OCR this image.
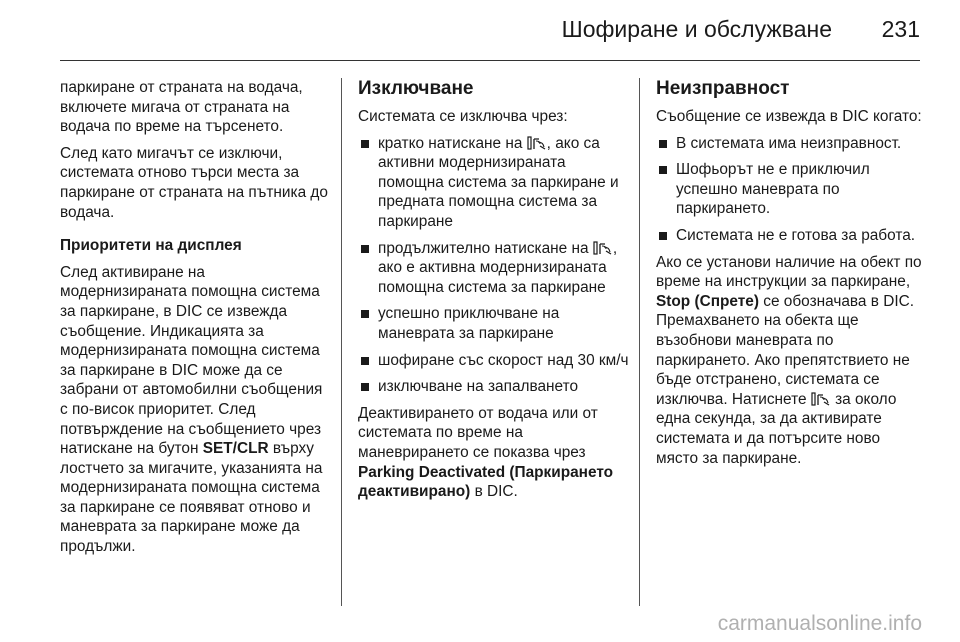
Шофиране и обслужване 231

паркиране от страната на водача, включете мигача от страната на водача по време на търсенето.

След като мигачът се изключи, системата отново търси места за паркиране от страната на пътника до водача.

Приоритети на дисплея

След активиране на модернизираната помощна система за паркиране, в DIC се извежда съобщение. Индикацията за модернизираната помощна система за паркиране в DIC може да се забрани от автомобилни съобщения с по-висок приоритет. След потвърждение на съобщението чрез натискане на бутон SET/CLR върху лостчето за мигачите, указанията на модернизираната помощна система за паркиране се появяват отново и маневрата за паркиране може да продължи.

Изключване

Системата се изключва чрез:

кратко натискане на , ако са активни модернизираната помощна система за паркиране и предната помощна система за паркиране
продължително натискане на , ако е активна модернизираната помощна система за паркиране
успешно приключване на маневрата за паркиране
шофиране със скорост над 30 км/ч
изключване на запалването

Деактивирането от водача или от системата по време на маневрирането се показва чрез Parking Deactivated (Паркирането деактивирано) в DIC.

Неизправност

Съобщение се извежда в DIC когато:

В системата има неизправност.
Шофьорът не е приключил успешно маневрата по паркирането.
Системата не е готова за работа.

Ако се установи наличие на обект по време на инструкции за паркиране, Stop (Спрете) се обозначава в DIC. Премахването на обекта ще възобнови маневрата по паркирането. Ако препятствието не бъде отстранено, системата се изключва. Натиснете  за около една секунда, за да активирате системата и да потърсите ново място за паркиране.

carmanualsonline.info
